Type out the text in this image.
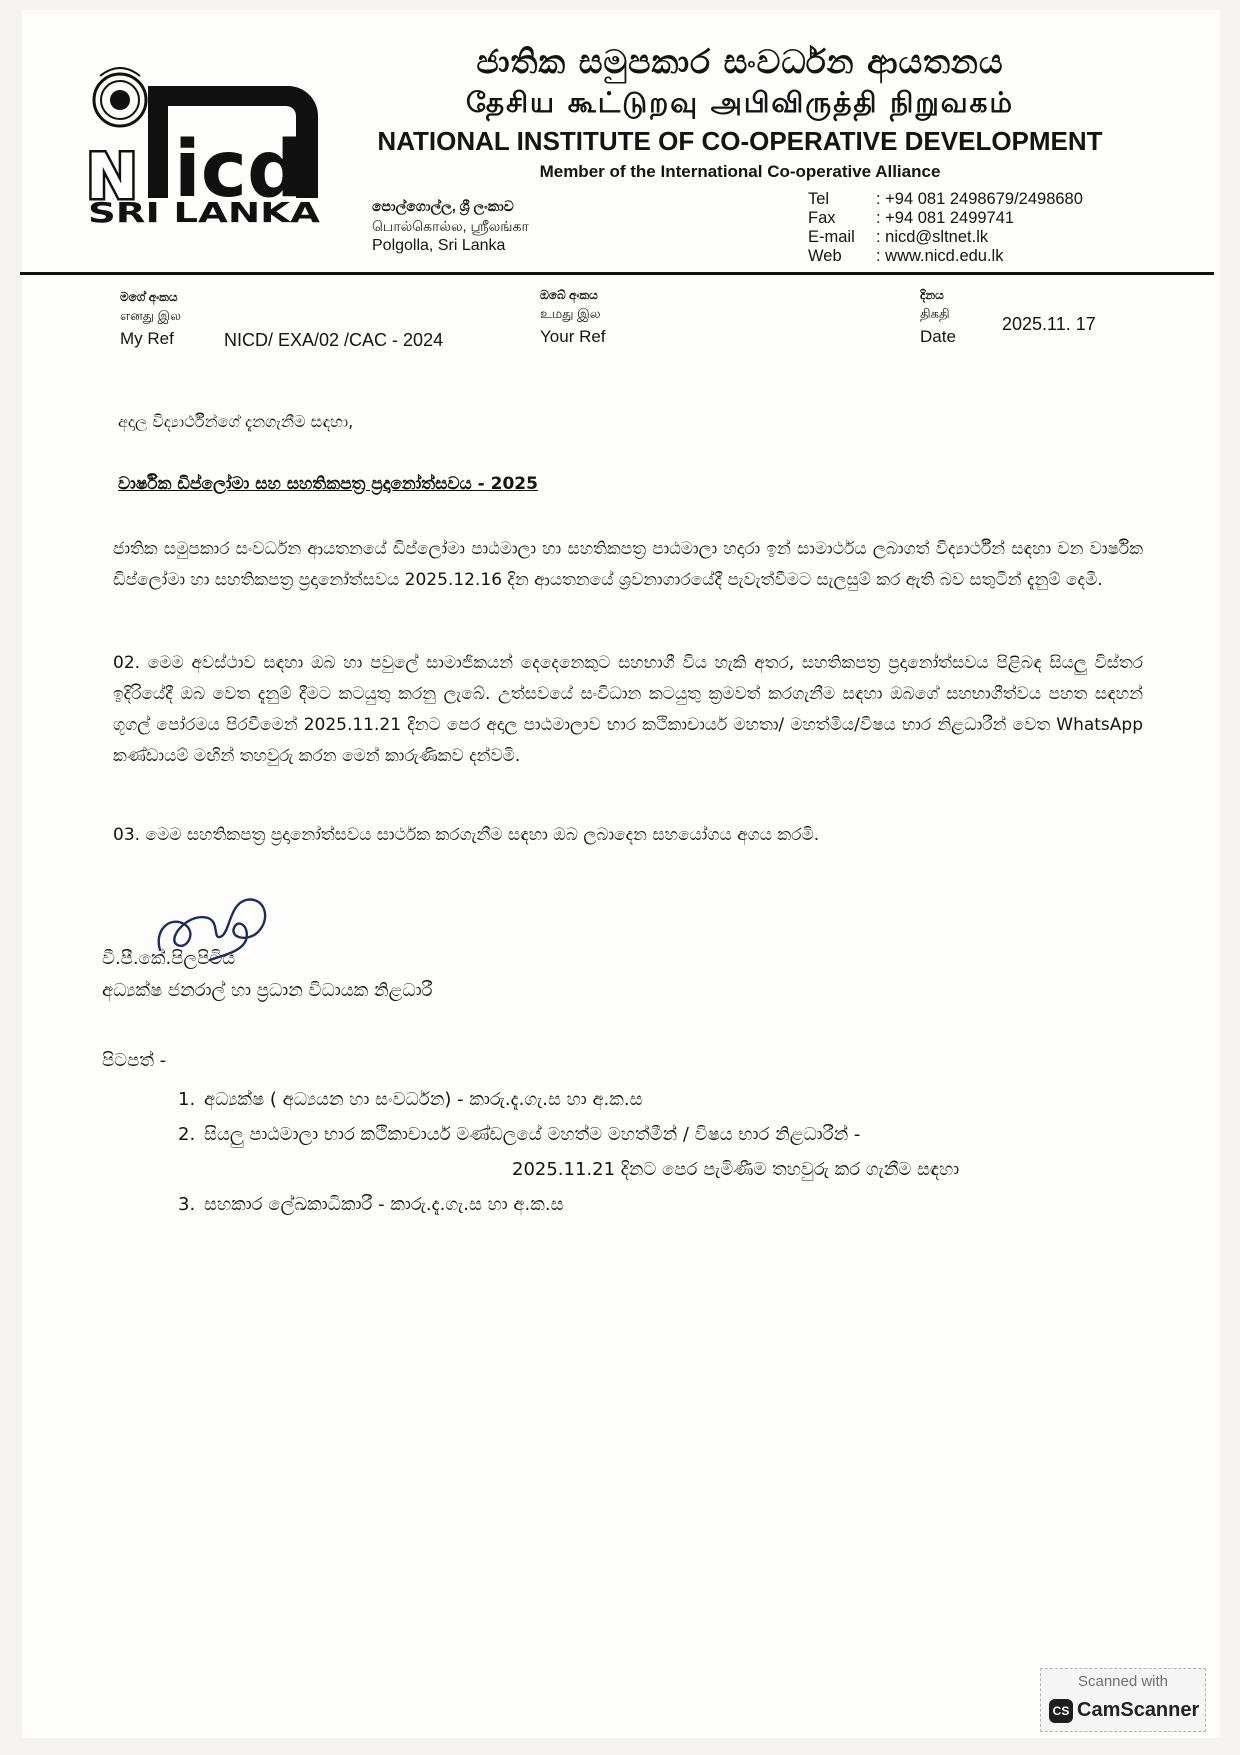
N icd
SRI LANKA
ජාතික සමුපකාර සංවර්ධන ආයතනය
தேசிய கூட்டுறவு அபிவிருத்தி நிறுவகம்
NATIONAL INSTITUTE OF CO-OPERATIVE DEVELOPMENT
Member of the International Co-operative Alliance
පොල්ගොල්ල, ශ්‍රී ලංකාව
பொல்கொல்ல, ஸ்ரீலங்கா
Polgolla, Sri Lanka
Tel	: +94 081 2498679/2498680
Fax	: +94 081 2499741
E-mail	: nicd@sltnet.lk
Web	: www.nicd.edu.lk
මගේ අංකය
எனது இல
My Ref	NICD/ EXA/02 /CAC - 2024
ඔබේ අංකය
உமது இல
Your Ref
දිනය
திகதி
Date
2025.11. 17
අදාල විද්‍යාර්ථීන්ගේ දැනගැනීම සඳහා,
වාර්ෂික ඩිප්ලෝමා සහ සහතිකපත්‍ර ප්‍රදානෝත්සවය - 2025
ජාතික සමුපකාර සංවර්ධන ආයතනයේ ඩිප්ලෝමා පාඨමාලා හා සහතිකපත්‍ර පාඨමාලා හදාරා ඉන් සාමාර්ථය ලබාගත් විද්‍යාර්ථීන් සඳහා වන වාර්ෂික ඩිප්ලෝමා හා සහතිකපත්‍ර ප්‍රදානෝත්සවය 2025.12.16 දින ආයතනයේ ශ්‍රවනාගාරයේදී පැවැත්වීමට සැලසුම් කර ඇති බව සතුටින් දැනුම් දෙමි.
02. මෙම අවස්ථාව සඳහා ඔබ හා පවුලේ සාමාජිකයන් දෙදෙනෙකුට සහභාගී විය හැකි අතර, සහතිකපත්‍ර ප්‍රදානෝත්සවය පිළිබඳ සියලු විස්තර ඉදිරියේදී ඔබ වෙත දැනුම් දීමට කටයුතු කරනු ලැබේ. උත්සවයේ සංවිධාන කටයුතු ක්‍රමවත් කරගැනීම සඳහා ඔබගේ සහභාගීත්වය පහත සඳහන් ගූගල් පෝරමය පිරවීමෙන් 2025.11.21 දිනට පෙර අදාල පාඨමාලාව භාර කථිකාචාර්ය මහතා/ මහත්මිය/විෂය භාර නිළධාරීන් වෙත WhatsApp කණ්ඩායම් මඟින් තහවුරු කරන මෙන් කාරුණිකව දන්වමි.
03. මෙම සහතිකපත්‍ර ප්‍රදානෝත්සවය සාර්ථක කරගැනීම සඳහා ඔබ ලබාදෙන සහයෝගය අගය කරමි.
වී.පී.කේ.පිලපිටිය
අධ්‍යක්ෂ ජනරාල් හා ප්‍රධාන විධායක නිළධාරී
පිටපත් -
1. අධ්‍යක්ෂ ( අධ්‍යයන හා සංවර්ධන) - කාරු.දැ.ගැ.ස හා අ.ක.ස
2. සියලු පාඨමාලා භාර කථිකාචාර්ය මණ්ඩලයේ මහත්ම මහත්මීන් / විෂය භාර නිළධාරීන් -
2025.11.21 දිනට පෙර පැමිණීම තහවුරු කර ගැනීම සඳහා
3. සහකාර ලේඛකාධිකාරී - කාරු.දැ.ගැ.ස හා අ.ක.ස
Scanned with
CS CamScanner
